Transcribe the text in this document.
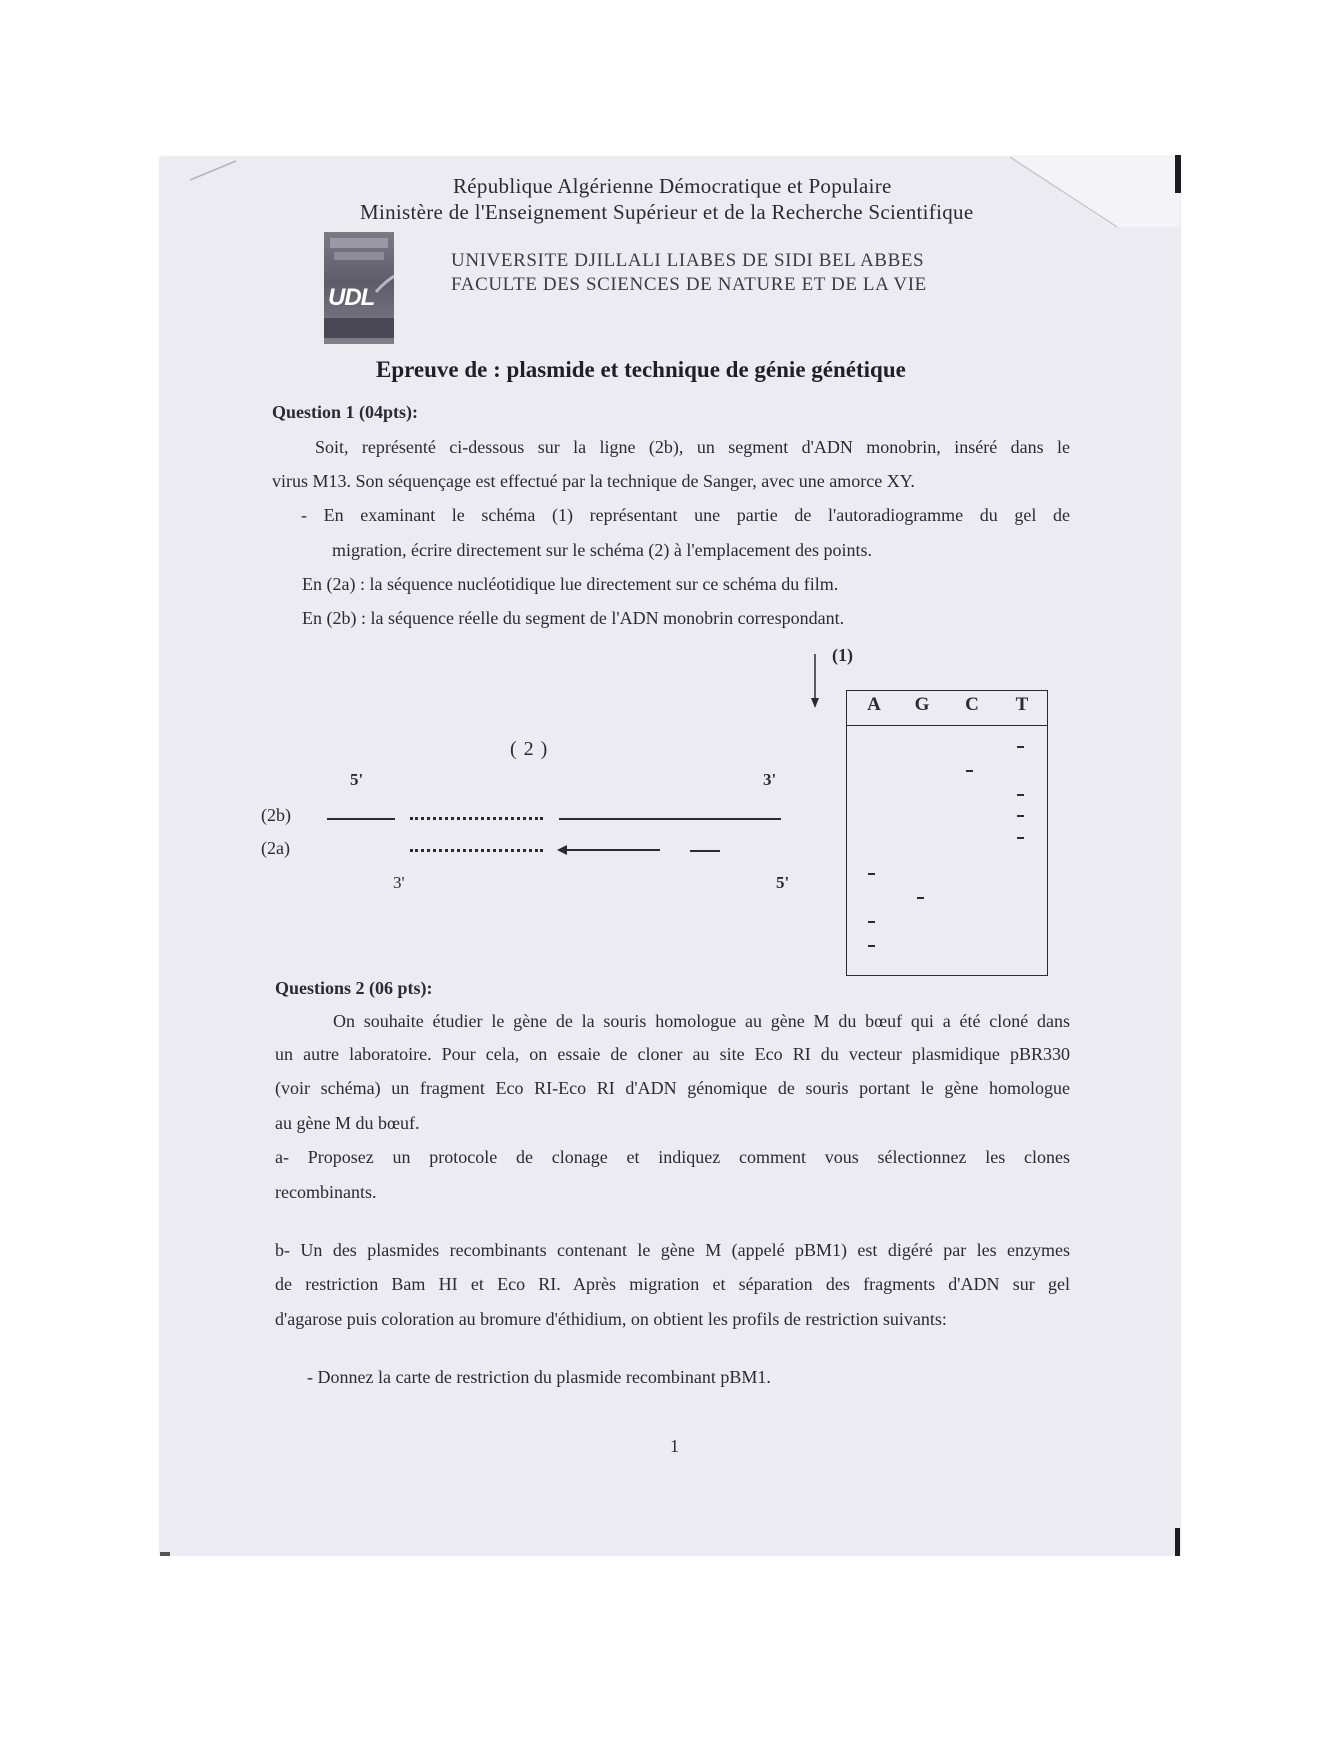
République Algérienne Démocratique et Populaire
Ministère de l'Enseignement Supérieur et de la Recherche Scientifique
UDL
UNIVERSITE DJILLALI LIABES DE SIDI BEL ABBES
FACULTE DES SCIENCES DE NATURE ET DE LA VIE
Epreuve de : plasmide et technique de génie génétique
Question 1 (04pts):
Soit, représenté ci-dessous sur la ligne (2b), un segment d'ADN monobrin, inséré dans le
virus M13. Son séquençage est effectué par la technique de Sanger, avec une amorce XY.
- En examinant le schéma (1) représentant une partie de l'autoradiogramme du gel de
migration, écrire directement sur le schéma (2) à l'emplacement des points.
En (2a) : la séquence nucléotidique lue directement sur ce schéma du film.
En (2b) : la séquence réelle du segment de l'ADN monobrin correspondant.
(1)
A	G	C	T
( 2 )
5'	3'
(2b)
(2a)
3'	5'
Questions 2 (06 pts):
On souhaite étudier le gène de la souris homologue au gène M du bœuf qui a été cloné dans
un autre laboratoire. Pour cela, on essaie de cloner au site Eco RI du vecteur plasmidique pBR330
(voir schéma) un fragment Eco RI-Eco RI d'ADN génomique de souris portant le gène homologue
au gène M du bœuf.
a- Proposez un protocole de clonage et indiquez comment vous sélectionnez les clones
recombinants.
b- Un des plasmides recombinants contenant le gène M (appelé pBM1) est digéré par les enzymes
de restriction Bam HI et Eco RI. Après migration et séparation des fragments d'ADN sur gel
d'agarose puis coloration au bromure d'éthidium, on obtient les profils de restriction suivants:
- Donnez la carte de restriction du plasmide recombinant pBM1.
1
